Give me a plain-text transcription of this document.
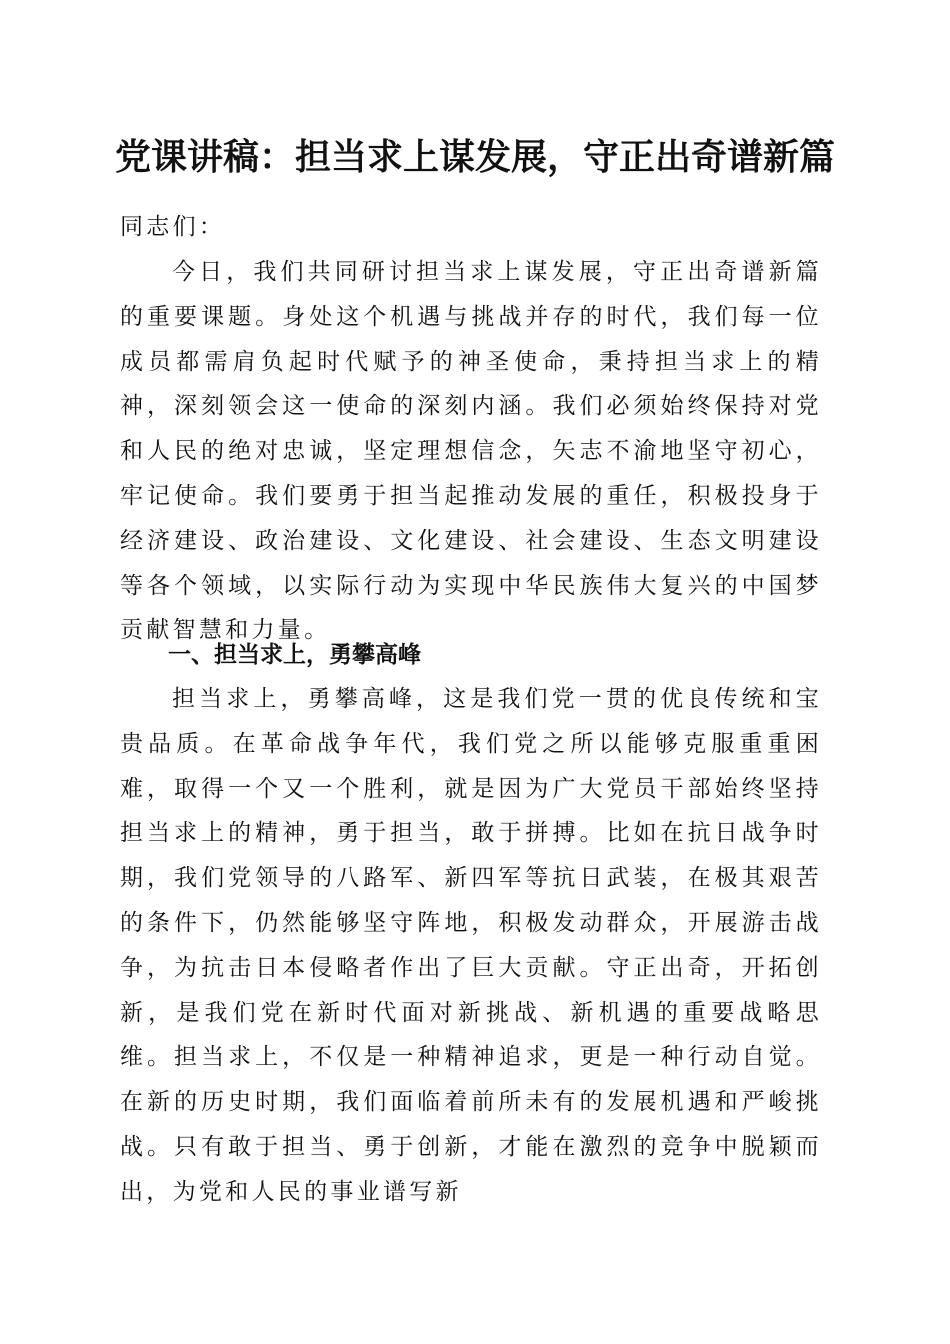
党课讲稿：担当求上谋发展，守正出奇谱新篇

同志们：

今日，我们共同研讨担当求上谋发展，守正出奇谱新篇的重要课题。身处这个机遇与挑战并存的时代，我们每一位成员都需肩负起时代赋予的神圣使命，秉持担当求上的精神，深刻领会这一使命的深刻内涵。我们必须始终保持对党和人民的绝对忠诚，坚定理想信念，矢志不渝地坚守初心，牢记使命。我们要勇于担当起推动发展的重任，积极投身于经济建设、政治建设、文化建设、社会建设、生态文明建设等各个领域，以实际行动为实现中华民族伟大复兴的中国梦贡献智慧和力量。

一、担当求上，勇攀高峰

担当求上，勇攀高峰，这是我们党一贯的优良传统和宝贵品质。在革命战争年代，我们党之所以能够克服重重困难，取得一个又一个胜利，就是因为广大党员干部始终坚持担当求上的精神，勇于担当，敢于拼搏。比如在抗日战争时期，我们党领导的八路军、新四军等抗日武装，在极其艰苦的条件下，仍然能够坚守阵地，积极发动群众，开展游击战争，为抗击日本侵略者作出了巨大贡献。守正出奇，开拓创新，是我们党在新时代面对新挑战、新机遇的重要战略思维。担当求上，不仅是一种精神追求，更是一种行动自觉。在新的历史时期，我们面临着前所未有的发展机遇和严峻挑战。只有敢于担当、勇于创新，才能在激烈的竞争中脱颖而出，为党和人民的事业谱写新
